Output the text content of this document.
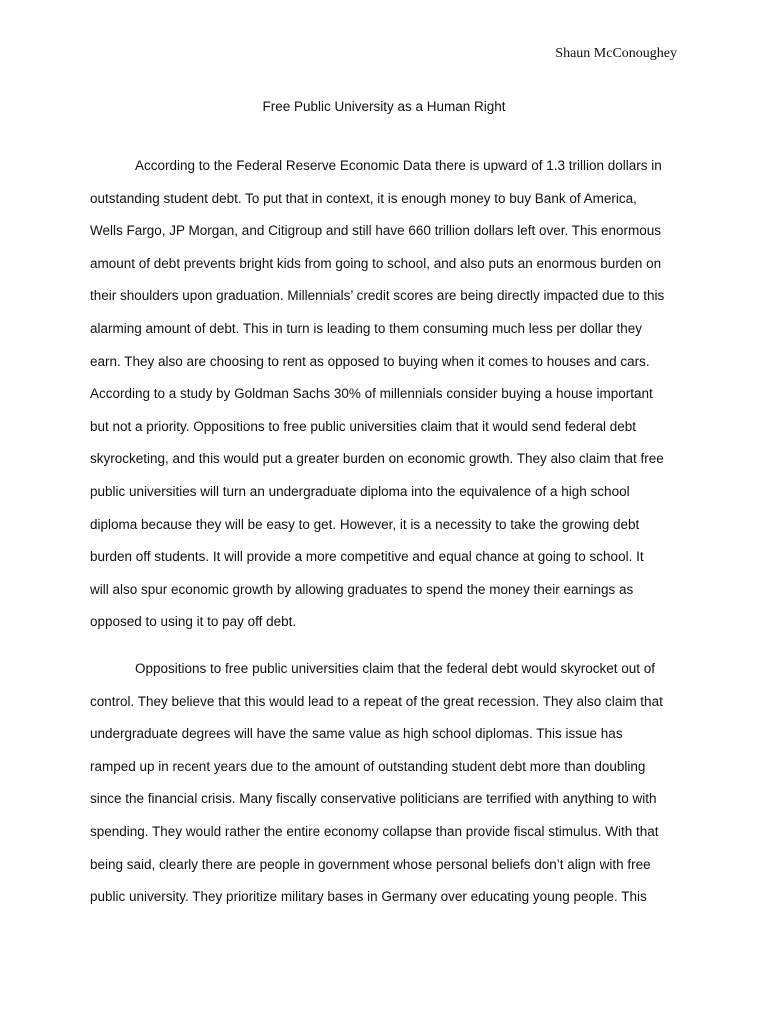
Shaun McConoughey
Free Public University as a Human Right
According to the Federal Reserve Economic Data there is upward of 1.3 trillion dollars in
outstanding student debt. To put that in context, it is enough money to buy Bank of America,
Wells Fargo, JP Morgan, and Citigroup and still have 660 trillion dollars left over. This enormous
amount of debt prevents bright kids from going to school, and also puts an enormous burden on
their shoulders upon graduation. Millennials’ credit scores are being directly impacted due to this
alarming amount of debt. This in turn is leading to them consuming much less per dollar they
earn. They also are choosing to rent as opposed to buying when it comes to houses and cars.
According to a study by Goldman Sachs 30% of millennials consider buying a house important
but not a priority. Oppositions to free public universities claim that it would send federal debt
skyrocketing, and this would put a greater burden on economic growth. They also claim that free
public universities will turn an undergraduate diploma into the equivalence of a high school
diploma because they will be easy to get. However, it is a necessity to take the growing debt
burden off students. It will provide a more competitive and equal chance at going to school. It
will also spur economic growth by allowing graduates to spend the money their earnings as
opposed to using it to pay off debt.
Oppositions to free public universities claim that the federal debt would skyrocket out of
control. They believe that this would lead to a repeat of the great recession. They also claim that
undergraduate degrees will have the same value as high school diplomas. This issue has
ramped up in recent years due to the amount of outstanding student debt more than doubling
since the financial crisis. Many fiscally conservative politicians are terrified with anything to with
spending. They would rather the entire economy collapse than provide fiscal stimulus. With that
being said, clearly there are people in government whose personal beliefs don’t align with free
public university. They prioritize military bases in Germany over educating young people. This
